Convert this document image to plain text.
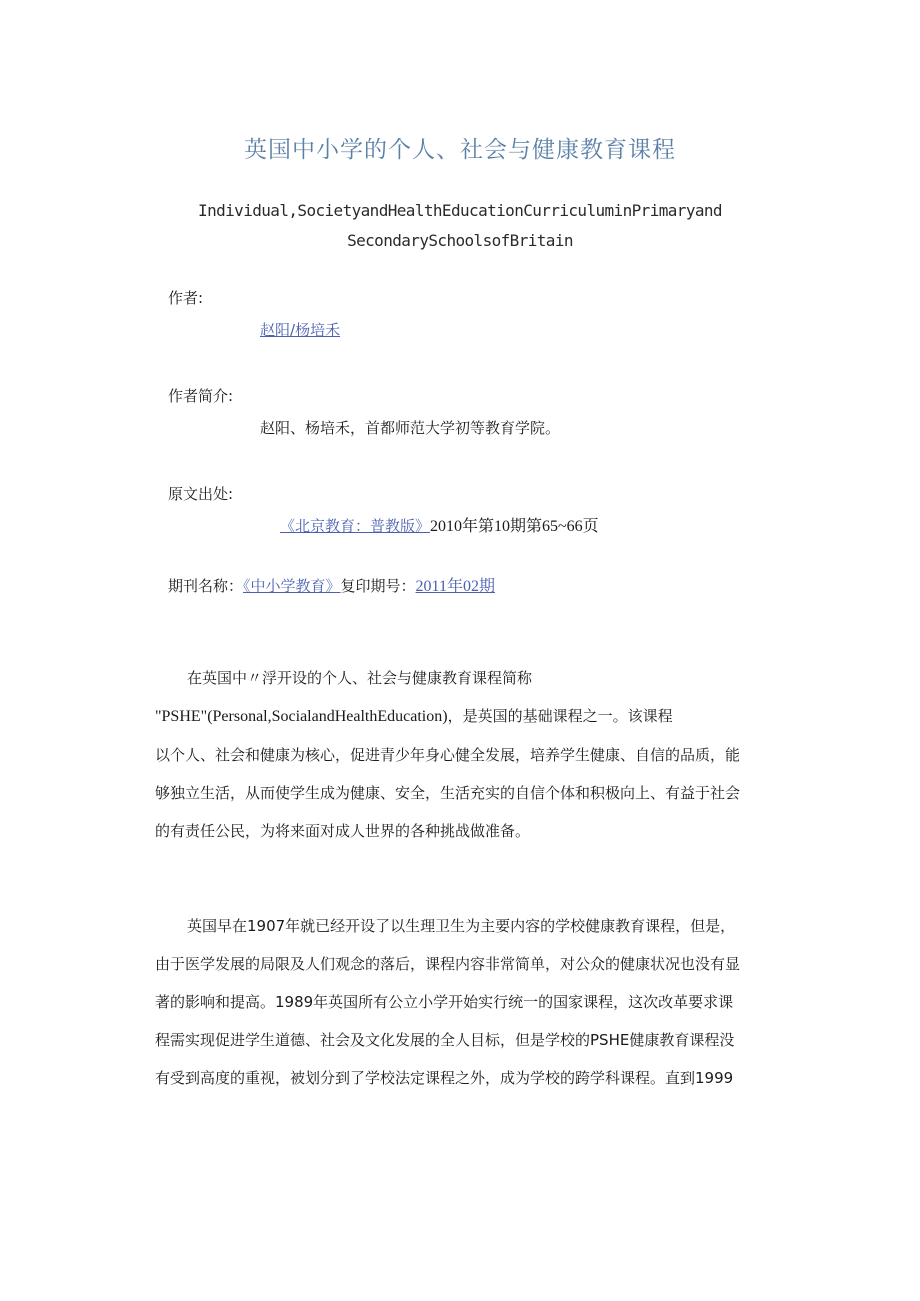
英国中小学的个人、社会与健康教育课程
Individual,SocietyandHealthEducationCurriculuminPrimaryand
SecondarySchoolsofBritain
作者:
赵阳/杨培禾
作者简介:
赵阳、杨培禾，首都师范大学初等教育学院。
原文出处:
《北京教育：普教版》2010年第10期第65~66页
期刊名称：《中小学教育》复印期号：2011年02期
在英国中〃浮开设的个人、社会与健康教育课程简称
"PSHE"(Personal,SocialandHealthEducation)，是英国的基础课程之一。该课程
以个人、社会和健康为核心，促进青少年身心健全发展，培养学生健康、自信的品质，能
够独立生活，从而使学生成为健康、安全，生活充实的自信个体和积极向上、有益于社会
的有责任公民，为将来面对成人世界的各种挑战做准备。
英国早在1907年就已经开设了以生理卫生为主要内容的学校健康教育课程，但是，
由于医学发展的局限及人们观念的落后，课程内容非常简单，对公众的健康状况也没有显
著的影响和提高。1989年英国所有公立小学开始实行统一的国家课程，这次改革要求课
程需实现促进学生道德、社会及文化发展的全人目标，但是学校的PSHE健康教育课程没
有受到高度的重视，被划分到了学校法定课程之外，成为学校的跨学科课程。直到1999
